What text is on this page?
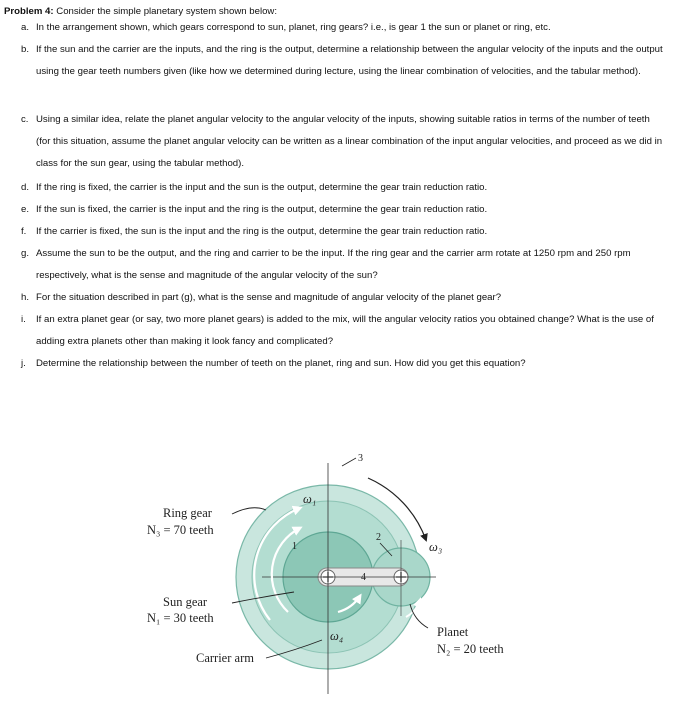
Problem 4: Consider the simple planetary system shown below:
a. In the arrangement shown, which gears correspond to sun, planet, ring gears? i.e., is gear 1 the sun or planet or ring, etc.
b. If the sun and the carrier are the inputs, and the ring is the output, determine a relationship between the angular velocity of the inputs and the output using the gear teeth numbers given (like how we determined during lecture, using the linear combination of velocities, and the tabular method).
c. Using a similar idea, relate the planet angular velocity to the angular velocity of the inputs, showing suitable ratios in terms of the number of teeth (for this situation, assume the planet angular velocity can be written as a linear combination of the input angular velocities, and proceed as we did in class for the sun gear, using the tabular method).
d. If the ring is fixed, the carrier is the input and the sun is the output, determine the gear train reduction ratio.
e. If the sun is fixed, the carrier is the input and the ring is the output, determine the gear train reduction ratio.
f. If the carrier is fixed, the sun is the input and the ring is the output, determine the gear train reduction ratio.
g. Assume the sun to be the output, and the ring and carrier to be the input. If the ring gear and the carrier arm rotate at 1250 rpm and 250 rpm respectively, what is the sense and magnitude of the angular velocity of the sun?
h. For the situation described in part (g), what is the sense and magnitude of angular velocity of the planet gear?
i. If an extra planet gear (or say, two more planet gears) is added to the mix, will the angular velocity ratios you obtained change? What is the use of adding extra planets other than making it look fancy and complicated?
j. Determine the relationship between the number of teeth on the planet, ring and sun. How did you get this equation?
3
1
2
4
ω₁
ω₃
ω₄
Ring gear
N₃ = 70 teeth
Sun gear
N₁ = 30 teeth
Carrier arm
Planet
N₂ = 20 teeth
